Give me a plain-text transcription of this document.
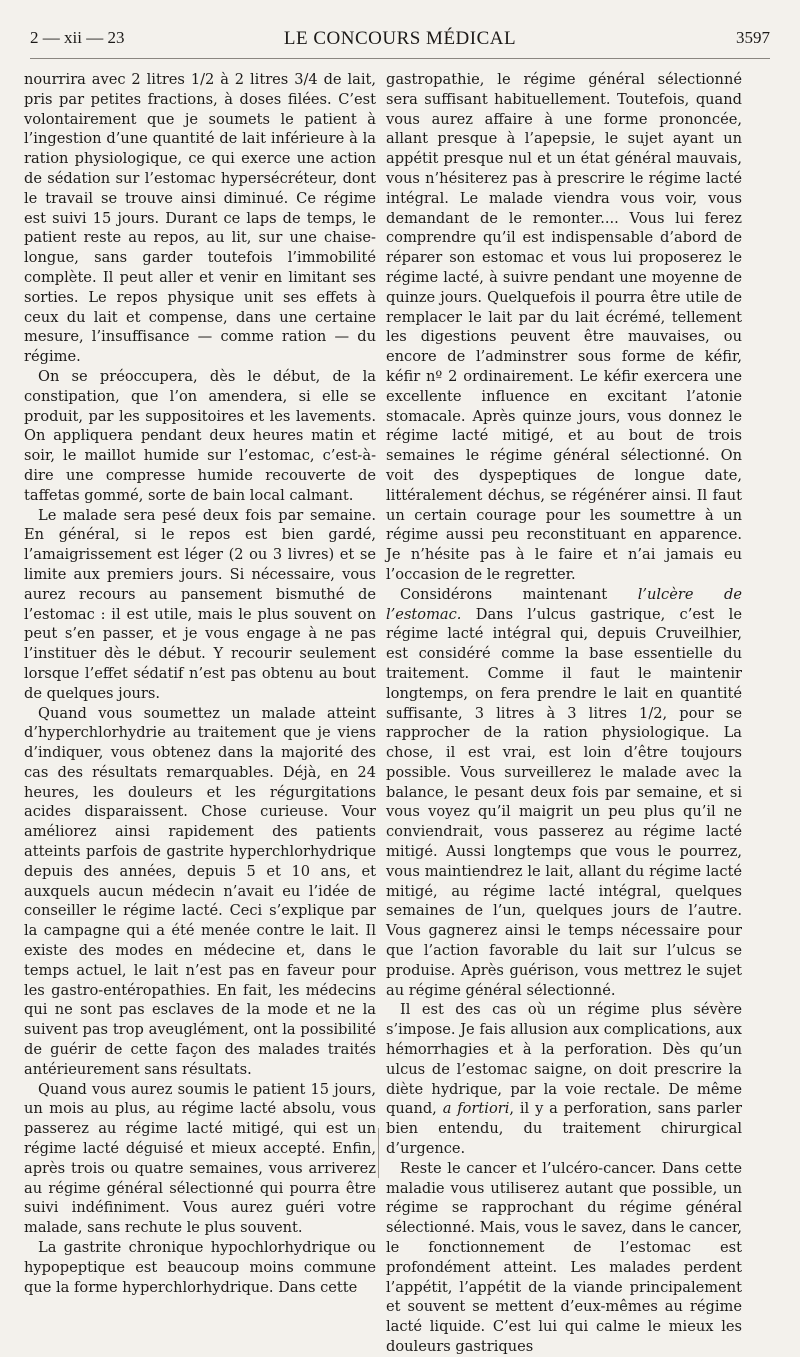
2 — xii — 23	LE CONCOURS MÉDICAL	3597

nourrira avec 2 litres 1/2 à 2 litres 3/4 de lait, pris par petites fractions, à doses filées. C’est volontairement que je soumets le patient à l’ingestion d’une quantité de lait inférieure à la ration physiologique, ce qui exerce une action de sédation sur l’estomac hypersécréteur, dont le travail se trouve ainsi diminué. Ce régime est suivi 15 jours. Durant ce laps de temps, le patient reste au repos, au lit, sur une chaise-longue, sans garder toutefois l’immobilité complète. Il peut aller et venir en limitant ses sorties. Le repos physique unit ses effets à ceux du lait et compense, dans une certaine mesure, l’insuffisance — comme ration — du régime.

On se préoccupera, dès le début, de la constipation, que l’on amendera, si elle se produit, par les suppositoires et les lavements. On appliquera pendant deux heures matin et soir, le maillot humide sur l’estomac, c’est-à-dire une compresse humide recouverte de taffetas gommé, sorte de bain local calmant.

Le malade sera pesé deux fois par semaine. En général, si le repos est bien gardé, l’amaigrissement est léger (2 ou 3 livres) et se limite aux premiers jours. Si nécessaire, vous aurez recours au pansement bismuthé de l’estomac : il est utile, mais le plus souvent on peut s’en passer, et je vous engage à ne pas l’instituer dès le début. Y recourir seulement lorsque l’effet sédatif n’est pas obtenu au bout de quelques jours.

Quand vous soumettez un malade atteint d’hyperchlorhydrie au traitement que je viens d’indiquer, vous obtenez dans la majorité des cas des résultats remarquables. Déjà, en 24 heures, les douleurs et les régurgitations acides disparaissent. Chose curieuse. Vour améliorez ainsi rapidement des patients atteints parfois de gastrite hyperchlorhydrique depuis des années, depuis 5 et 10 ans, et auxquels aucun médecin n’avait eu l’idée de conseiller le régime lacté. Ceci s’explique par la campagne qui a été menée contre le lait. Il existe des modes en médecine et, dans le temps actuel, le lait n’est pas en faveur pour les gastro-entéropathies. En fait, les médecins qui ne sont pas esclaves de la mode et ne la suivent pas trop aveuglément, ont la possibilité de guérir de cette façon des malades traités antérieurement sans résultats.

Quand vous aurez soumis le patient 15 jours, un mois au plus, au régime lacté absolu, vous passerez au régime lacté mitigé, qui est un régime lacté déguisé et mieux accepté. Enfin, après trois ou quatre semaines, vous arriverez au régime général sélectionné qui pourra être suivi indéfiniment. Vous aurez guéri votre malade, sans rechute le plus souvent.

La gastrite chronique hypochlorhydrique ou hypopeptique est beaucoup moins commune que la forme hyperchlorhydrique. Dans cette

gastropathie, le régime général sélectionné sera suffisant habituellement. Toutefois, quand vous aurez affaire à une forme prononcée, allant presque à l’apepsie, le sujet ayant un appétit presque nul et un état général mauvais, vous n’hésiterez pas à prescrire le régime lacté intégral. Le malade viendra vous voir, vous demandant de le remonter.... Vous lui ferez comprendre qu’il est indispensable d’abord de réparer son estomac et vous lui proposerez le régime lacté, à suivre pendant une moyenne de quinze jours. Quelquefois il pourra être utile de remplacer le lait par du lait écrémé, tellement les digestions peuvent être mauvaises, ou encore de l’adminstrer sous forme de kéfir, kéfir nº 2 ordinairement. Le kéfir exercera une excellente influence en excitant l’atonie stomacale. Après quinze jours, vous donnez le régime lacté mitigé, et au bout de trois semaines le régime général sélectionné. On voit des dyspeptiques de longue date, littéralement déchus, se régénérer ainsi. Il faut un certain courage pour les soumettre à un régime aussi peu reconstituant en apparence. Je n’hésite pas à le faire et n’ai jamais eu l’occasion de le regretter.

Considérons maintenant l’ulcère de l’estomac. Dans l’ulcus gastrique, c’est le régime lacté intégral qui, depuis Cruveilhier, est considéré comme la base essentielle du traitement. Comme il faut le maintenir longtemps, on fera prendre le lait en quantité suffisante, 3 litres à 3 litres 1/2, pour se rapprocher de la ration physiologique. La chose, il est vrai, est loin d’être toujours possible. Vous surveillerez le malade avec la balance, le pesant deux fois par semaine, et si vous voyez qu’il maigrit un peu plus qu’il ne conviendrait, vous passerez au régime lacté mitigé. Aussi longtemps que vous le pourrez, vous maintiendrez le lait, allant du régime lacté mitigé, au régime lacté intégral, quelques semaines de l’un, quelques jours de l’autre. Vous gagnerez ainsi le temps nécessaire pour que l’action favorable du lait sur l’ulcus se produise. Après guérison, vous mettrez le sujet au régime général sélectionné.

Il est des cas où un régime plus sévère s’impose. Je fais allusion aux complications, aux hémorrhagies et à la perforation. Dès qu’un ulcus de l’estomac saigne, on doit prescrire la diète hydrique, par la voie rectale. De même quand, a fortiori, il y a perforation, sans parler bien entendu, du traitement chirurgical d’urgence.

Reste le cancer et l’ulcéro-cancer. Dans cette maladie vous utiliserez autant que possible, un régime se rapprochant du régime général sélectionné. Mais, vous le savez, dans le cancer, le fonctionnement de l’estomac est profondément atteint. Les malades perdent l’appétit, l’appétit de la viande principalement et souvent se mettent d’eux-mêmes au régime lacté liquide. C’est lui qui calme le mieux les douleurs gastriques
